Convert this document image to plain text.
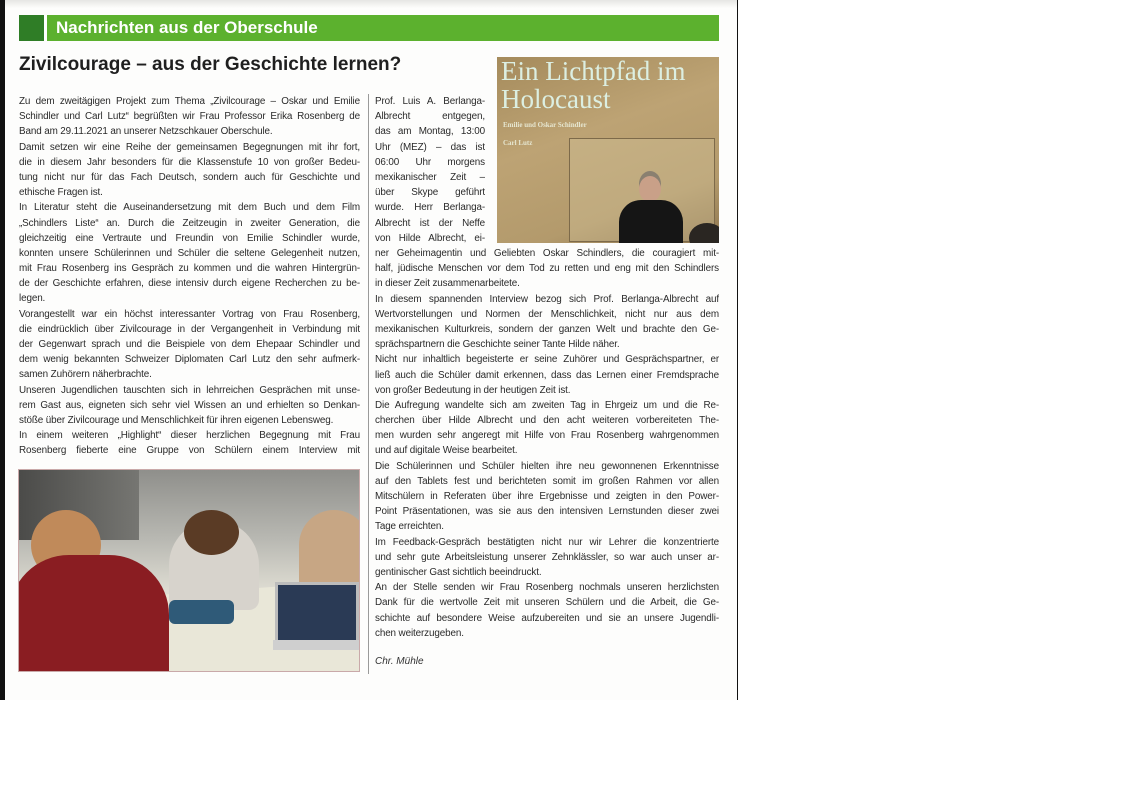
Nachrichten aus der Oberschule
Zivilcourage – aus der Geschichte lernen?
Zu dem zweitägigen Projekt zum Thema „Zivilcourage – Oskar und Emilie
Schindler und Carl Lutz“ begrüßten wir Frau Professor Erika Rosenberg de
Band am 29.11.2021 an unserer Netzschkauer Oberschule.
Damit setzen wir eine Reihe der gemeinsamen Begegnungen mit ihr fort,
die in diesem Jahr besonders für die Klassenstufe 10 von großer Bedeu-
tung nicht nur für das Fach Deutsch, sondern auch für Geschichte und
ethische Fragen ist.
In Literatur steht die Auseinandersetzung mit dem Buch und dem Film
„Schindlers Liste“ an. Durch die Zeitzeugin in zweiter Generation, die
gleichzeitig eine Vertraute und Freundin von Emilie Schindler wurde,
konnten unsere Schülerinnen und Schüler die seltene Gelegenheit nutzen,
mit Frau Rosenberg ins Gespräch zu kommen und die wahren Hintergrün-
de der Geschichte erfahren, diese intensiv durch eigene Recherchen zu be-
legen.
Vorangestellt war ein höchst interessanter Vortrag von Frau Rosenberg,
die eindrücklich über Zivilcourage in der Vergangenheit in Verbindung mit
der Gegenwart sprach und die Beispiele von dem Ehepaar Schindler und
dem wenig bekannten Schweizer Diplomaten Carl Lutz den sehr aufmerk-
samen Zuhörern näherbrachte.
Unseren Jugendlichen tauschten sich in lehrreichen Gesprächen mit unse-
rem Gast aus, eigneten sich sehr viel Wissen an und erhielten so Denkan-
stöße über Zivilcourage und Menschlichkeit für ihren eigenen Lebensweg.
In einem weiteren „Highlight“ dieser herzlichen Begegnung mit Frau
Rosenberg fieberte eine Gruppe von Schülern einem Interview mit
Prof. Luis A. Berlanga-
Albrecht entgegen,
das am Montag, 13:00
Uhr (MEZ) – das ist
06:00 Uhr morgens
mexikanischer Zeit –
über Skype geführt
wurde. Herr Berlanga-
Albrecht ist der Neffe
von Hilde Albrecht, ei-
ner Geheimagentin und Geliebten Oskar Schindlers, die couragiert mit-
half, jüdische Menschen vor dem Tod zu retten und eng mit den Schindlers
in dieser Zeit zusammenarbeitete.
In diesem spannenden Interview bezog sich Prof. Berlanga-Albrecht auf
Wertvorstellungen und Normen der Menschlichkeit, nicht nur aus dem
mexikanischen Kulturkreis, sondern der ganzen Welt und brachte den Ge-
sprächspartnern die Geschichte seiner Tante Hilde näher.
Nicht nur inhaltlich begeisterte er seine Zuhörer und Gesprächspartner, er
ließ auch die Schüler damit erkennen, dass das Lernen einer Fremdsprache
von großer Bedeutung in der heutigen Zeit ist.
Die Aufregung wandelte sich am zweiten Tag in Ehrgeiz um und die Re-
cherchen über Hilde Albrecht und den acht weiteren vorbereiteten The-
men wurden sehr angeregt mit Hilfe von Frau Rosenberg wahrgenommen
und auf digitale Weise bearbeitet.
Die Schülerinnen und Schüler hielten ihre neu gewonnenen Erkenntnisse
auf den Tablets fest und berichteten somit im großen Rahmen vor allen
Mitschülern in Referaten über ihre Ergebnisse und zeigten in den Power-
Point Präsentationen, was sie aus den intensiven Lernstunden dieser zwei
Tage erreichten.
Im Feedback-Gespräch bestätigten nicht nur wir Lehrer die konzentrierte
und sehr gute Arbeitsleistung unserer Zehnklässler, so war auch unser ar-
gentinischer Gast sichtlich beeindruckt.
An der Stelle senden wir Frau Rosenberg nochmals unseren herzlichsten
Dank für die wertvolle Zeit mit unseren Schülern und die Arbeit, die Ge-
schichte auf besondere Weise aufzubereiten und sie an unsere Jugendli-
chen weiterzugeben.
Chr. Mühle
Ein Lichtpfad im
Holocaust
Emilie und Oskar Schindler
Carl Lutz
